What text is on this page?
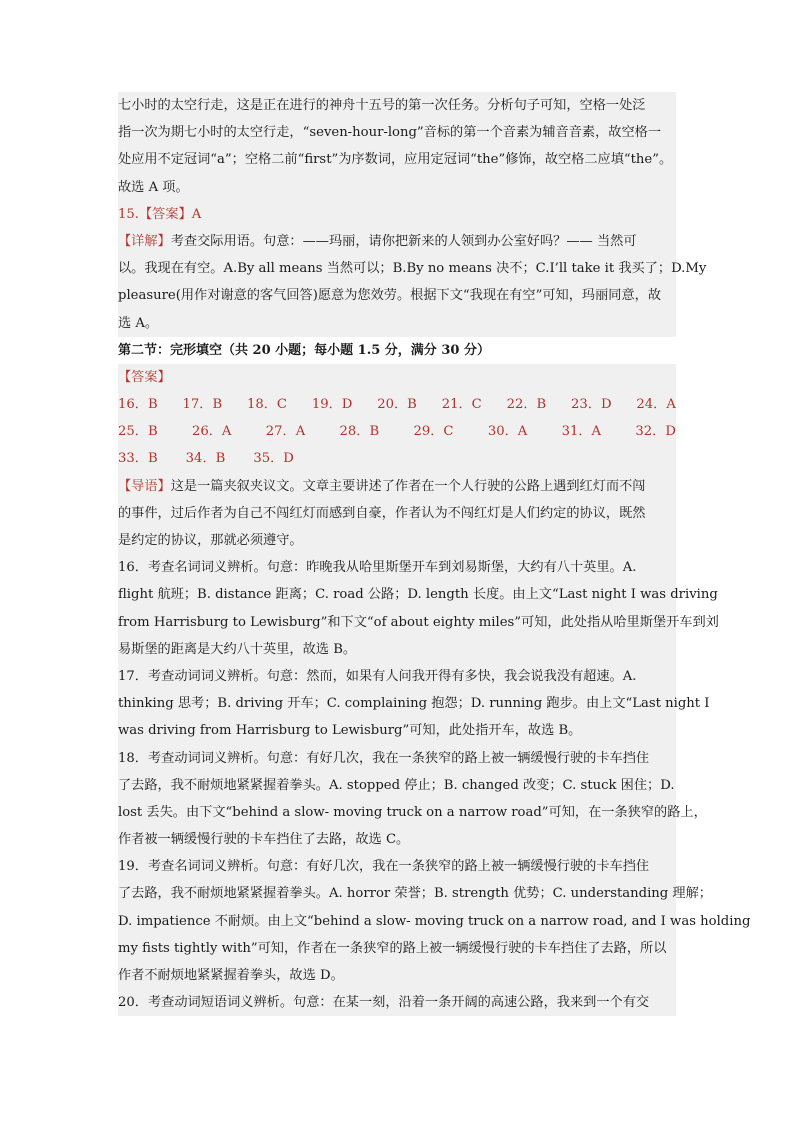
七小时的太空行走，这是正在进行的神舟十五号的第一次任务。分析句子可知，空格一处泛
指一次为期七小时的太空行走，“seven-hour-long”音标的第一个音素为辅音音素，故空格一
处应用不定冠词“a”；空格二前“first”为序数词，应用定冠词“the”修饰，故空格二应填“the”。
故选 A 项。
15.【答案】A
【详解】考查交际用语。句意：——玛丽，请你把新来的人领到办公室好吗？—— 当然可
以。我现在有空。A.By all means 当然可以；B.By no means 决不；C.I’ll take it 我买了；D.My
pleasure(用作对谢意的客气回答)愿意为您效劳。根据下文“我现在有空”可知，玛丽同意，故
选 A。
第二节：完形填空（共 20 小题；每小题 1.5 分，满分 30 分）
【答案】
16．B 17．B 18．C 19．D 20．B 21．C 22．B 23．D 24．A
25．B	26．A	27．A	28．B	29．C	30．A	31．A	32．D
33．B 34．B 35．D
【导语】这是一篇夹叙夹议文。文章主要讲述了作者在一个人行驶的公路上遇到红灯而不闯
的事件，过后作者为自己不闯红灯而感到自豪，作者认为不闯红灯是人们约定的协议，既然
是约定的协议，那就必须遵守。
16．考查名词词义辨析。句意：昨晚我从哈里斯堡开车到刘易斯堡，大约有八十英里。A.
flight 航班；B. distance 距离；C. road 公路；D. length 长度。由上文“Last night I was driving
from Harrisburg to Lewisburg”和下文“of about eighty miles”可知，此处指从哈里斯堡开车到刘
易斯堡的距离是大约八十英里，故选 B。
17．考查动词词义辨析。句意：然而，如果有人问我开得有多快，我会说我没有超速。A.
thinking 思考；B. driving 开车；C. complaining 抱怨；D. running 跑步。由上文“Last night I
was driving from Harrisburg to Lewisburg”可知，此处指开车，故选 B。
18．考查动词词义辨析。句意：有好几次，我在一条狭窄的路上被一辆缓慢行驶的卡车挡住
了去路，我不耐烦地紧紧握着拳头。A. stopped 停止；B. changed 改变；C. stuck 困住；D.
lost 丢失。由下文“behind a slow- moving truck on a narrow road”可知，在一条狭窄的路上，
作者被一辆缓慢行驶的卡车挡住了去路，故选 C。
19．考查名词词义辨析。句意：有好几次，我在一条狭窄的路上被一辆缓慢行驶的卡车挡住
了去路，我不耐烦地紧紧握着拳头。A. horror 荣誉；B. strength 优势；C. understanding 理解；
D. impatience 不耐烦。由上文“behind a slow- moving truck on a narrow road, and I was holding
my fists tightly with”可知，作者在一条狭窄的路上被一辆缓慢行驶的卡车挡住了去路，所以
作者不耐烦地紧紧握着拳头，故选 D。
20．考查动词短语词义辨析。句意：在某一刻，沿着一条开阔的高速公路，我来到一个有交
